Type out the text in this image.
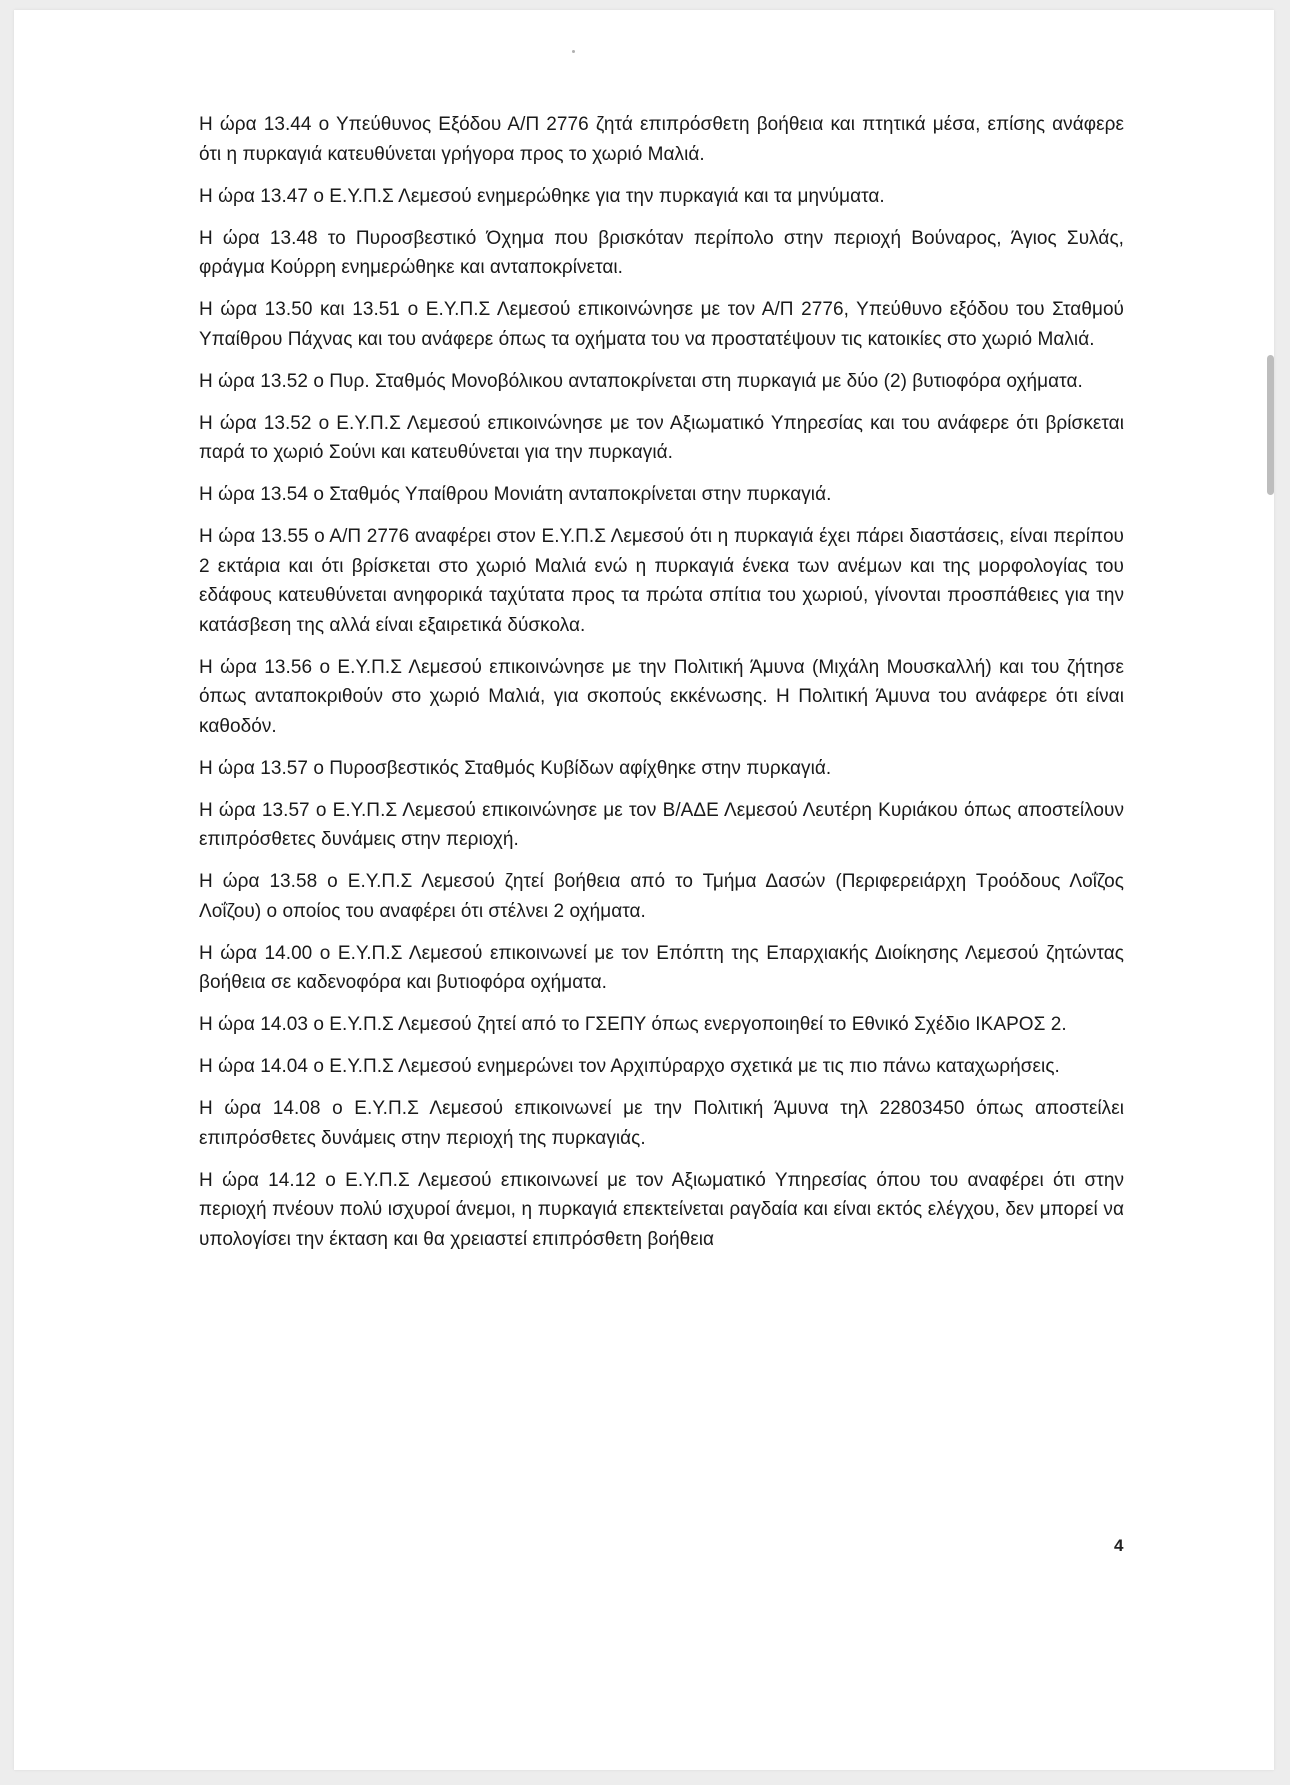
Η ώρα 13.44 ο Υπεύθυνος Εξόδου Α/Π 2776 ζητά επιπρόσθετη βοήθεια και πτητικά μέσα, επίσης ανάφερε ότι η πυρκαγιά κατευθύνεται γρήγορα προς το χωριό Μαλιά.

Η ώρα 13.47 ο Ε.Υ.Π.Σ Λεμεσού ενημερώθηκε για την πυρκαγιά και τα μηνύματα.

Η ώρα 13.48 το Πυροσβεστικό Όχημα που βρισκόταν περίπολο στην περιοχή Βούναρος, Άγιος Συλάς, φράγμα Κούρρη ενημερώθηκε και ανταποκρίνεται.

Η ώρα 13.50 και 13.51 ο Ε.Υ.Π.Σ Λεμεσού επικοινώνησε με τον Α/Π 2776, Υπεύθυνο εξόδου του Σταθμού Υπαίθρου Πάχνας και του ανάφερε όπως τα οχήματα του να προστατέψουν τις κατοικίες στο χωριό Μαλιά.

Η ώρα 13.52 ο Πυρ. Σταθμός Μονοβόλικου ανταποκρίνεται στη πυρκαγιά με δύο (2) βυτιοφόρα οχήματα.

Η ώρα 13.52 ο Ε.Υ.Π.Σ Λεμεσού επικοινώνησε με τον Αξιωματικό Υπηρεσίας και του ανάφερε ότι βρίσκεται παρά το χωριό Σούνι και κατευθύνεται για την πυρκαγιά.

Η ώρα 13.54 ο Σταθμός Υπαίθρου Μονιάτη ανταποκρίνεται στην πυρκαγιά.

Η ώρα 13.55 ο Α/Π 2776 αναφέρει στον Ε.Υ.Π.Σ Λεμεσού ότι η πυρκαγιά έχει πάρει διαστάσεις, είναι περίπου 2 εκτάρια και ότι βρίσκεται στο χωριό Μαλιά ενώ η πυρκαγιά ένεκα των ανέμων και της μορφολογίας του εδάφους κατευθύνεται ανηφορικά ταχύτατα προς τα πρώτα σπίτια του χωριού, γίνονται προσπάθειες για την κατάσβεση της αλλά είναι εξαιρετικά δύσκολα.

Η ώρα 13.56 ο Ε.Υ.Π.Σ Λεμεσού επικοινώνησε με την Πολιτική Άμυνα (Μιχάλη Μουσκαλλή) και του ζήτησε όπως ανταποκριθούν στο χωριό Μαλιά, για σκοπούς εκκένωσης. Η Πολιτική Άμυνα του ανάφερε ότι είναι καθοδόν.

Η ώρα 13.57 ο Πυροσβεστικός Σταθμός Κυβίδων αφίχθηκε στην πυρκαγιά.

Η ώρα 13.57 ο Ε.Υ.Π.Σ Λεμεσού επικοινώνησε με τον Β/ΑΔΕ Λεμεσού Λευτέρη Κυριάκου όπως αποστείλουν επιπρόσθετες δυνάμεις στην περιοχή.

Η ώρα 13.58 ο Ε.Υ.Π.Σ Λεμεσού ζητεί βοήθεια από το Τμήμα Δασών (Περιφερειάρχη Τροόδους Λοΐζος Λοΐζου) ο οποίος του αναφέρει ότι στέλνει 2 οχήματα.

Η ώρα 14.00 ο Ε.Υ.Π.Σ Λεμεσού επικοινωνεί με τον Επόπτη της Επαρχιακής Διοίκησης Λεμεσού ζητώντας βοήθεια σε καδενοφόρα και βυτιοφόρα οχήματα.

Η ώρα 14.03 ο Ε.Υ.Π.Σ Λεμεσού ζητεί από το ΓΣΕΠΥ όπως ενεργοποιηθεί το Εθνικό Σχέδιο ΙΚΑΡΟΣ 2.

Η ώρα 14.04 ο Ε.Υ.Π.Σ Λεμεσού ενημερώνει τον Αρχιπύραρχο σχετικά με τις πιο πάνω καταχωρήσεις.

Η ώρα 14.08 ο Ε.Υ.Π.Σ Λεμεσού επικοινωνεί με την Πολιτική Άμυνα τηλ 22803450 όπως αποστείλει επιπρόσθετες δυνάμεις στην περιοχή της πυρκαγιάς.

Η ώρα 14.12 ο Ε.Υ.Π.Σ Λεμεσού επικοινωνεί με τον Αξιωματικό Υπηρεσίας όπου του αναφέρει ότι στην περιοχή πνέουν πολύ ισχυροί άνεμοι, η πυρκαγιά επεκτείνεται ραγδαία και είναι εκτός ελέγχου, δεν μπορεί να υπολογίσει την έκταση και θα χρειαστεί επιπρόσθετη βοήθεια

4
